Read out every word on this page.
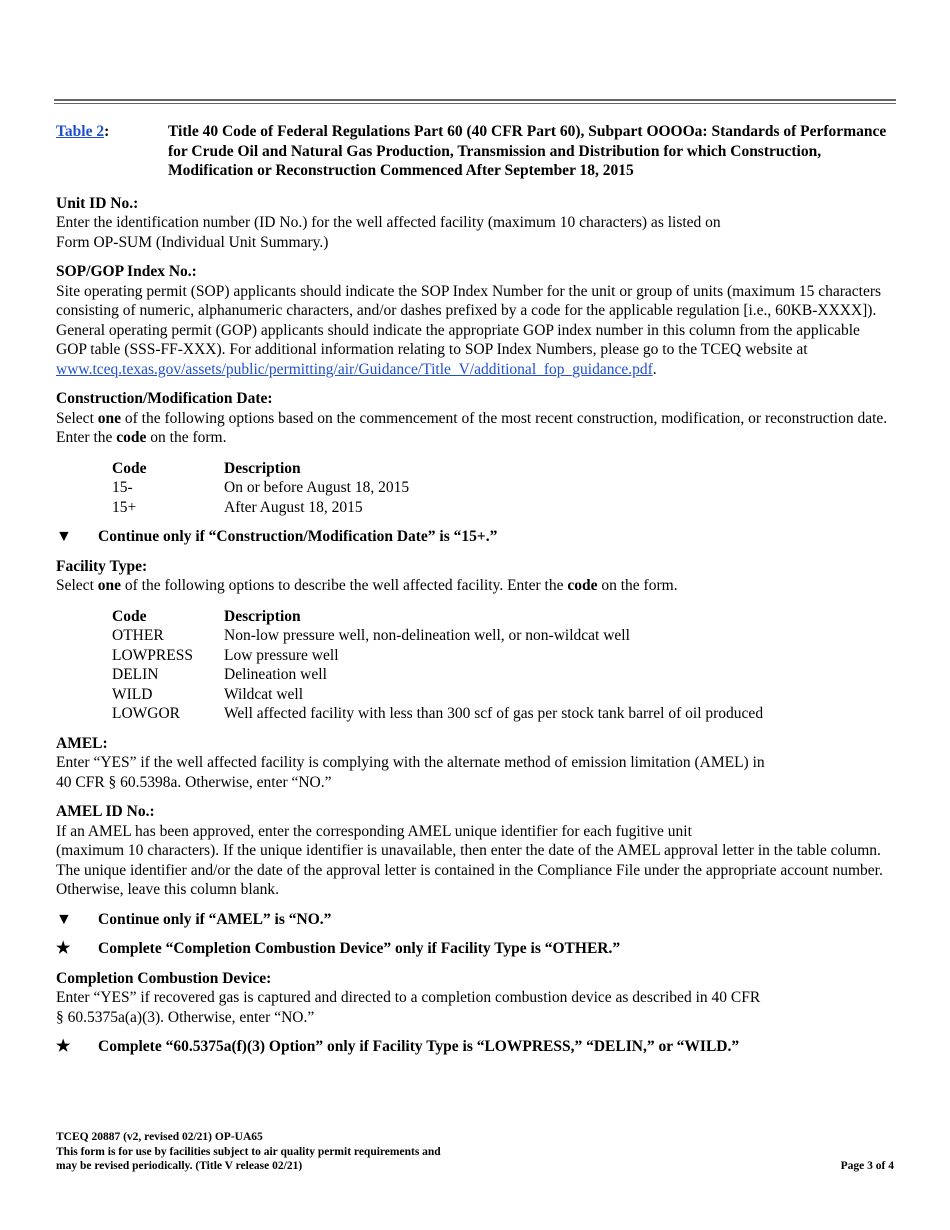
Table 2:	Title 40 Code of Federal Regulations Part 60 (40 CFR Part 60), Subpart OOOOa: Standards of Performance for Crude Oil and Natural Gas Production, Transmission and Distribution for which Construction, Modification or Reconstruction Commenced After September 18, 2015
Unit ID No.:

Enter the identification number (ID No.) for the well affected facility (maximum 10 characters) as listed on
Form OP-SUM (Individual Unit Summary.)

SOP/GOP Index No.:

Site operating permit (SOP) applicants should indicate the SOP Index Number for the unit or group of units (maximum 15 characters consisting of numeric, alphanumeric characters, and/or dashes prefixed by a code for the applicable regulation [i.e., 60KB-XXXX]). General operating permit (GOP) applicants should indicate the appropriate GOP index number in this column from the applicable GOP table (SSS-FF-XXX). For additional information relating to SOP Index Numbers, please go to the TCEQ website at
www.tceq.texas.gov/assets/public/permitting/air/Guidance/Title_V/additional_fop_guidance.pdf.

Construction/Modification Date:

Select one of the following options based on the commencement of the most recent construction, modification, or reconstruction date. Enter the code on the form.

Code	Description
15-	On or before August 18, 2015
15+	After August 18, 2015
▼	Continue only if “Construction/Modification Date” is “15+.”
Facility Type:

Select one of the following options to describe the well affected facility. Enter the code on the form.

Code	Description
OTHER	Non-low pressure well, non-delineation well, or non-wildcat well
LOWPRESS	Low pressure well
DELIN	Delineation well
WILD	Wildcat well
LOWGOR	Well affected facility with less than 300 scf of gas per stock tank barrel of oil produced
AMEL:

Enter “YES” if the well affected facility is complying with the alternate method of emission limitation (AMEL) in
40 CFR § 60.5398a. Otherwise, enter “NO.”

AMEL ID No.:

If an AMEL has been approved, enter the corresponding AMEL unique identifier for each fugitive unit
(maximum 10 characters). If the unique identifier is unavailable, then enter the date of the AMEL approval letter in the table column. The unique identifier and/or the date of the approval letter is contained in the Compliance File under the appropriate account number. Otherwise, leave this column blank.

▼	Continue only if “AMEL” is “NO.”
★	Complete “Completion Combustion Device” only if Facility Type is “OTHER.”
Completion Combustion Device:

Enter “YES” if recovered gas is captured and directed to a completion combustion device as described in 40 CFR
§ 60.5375a(a)(3). Otherwise, enter “NO.”

★	Complete “60.5375a(f)(3) Option” only if Facility Type is “LOWPRESS,” “DELIN,” or “WILD.”
TCEQ 20887 (v2, revised 02/21) OP-UA65
This form is for use by facilities subject to air quality permit requirements and
may be revised periodically. (Title V release 02/21)	Page 3 of 4
